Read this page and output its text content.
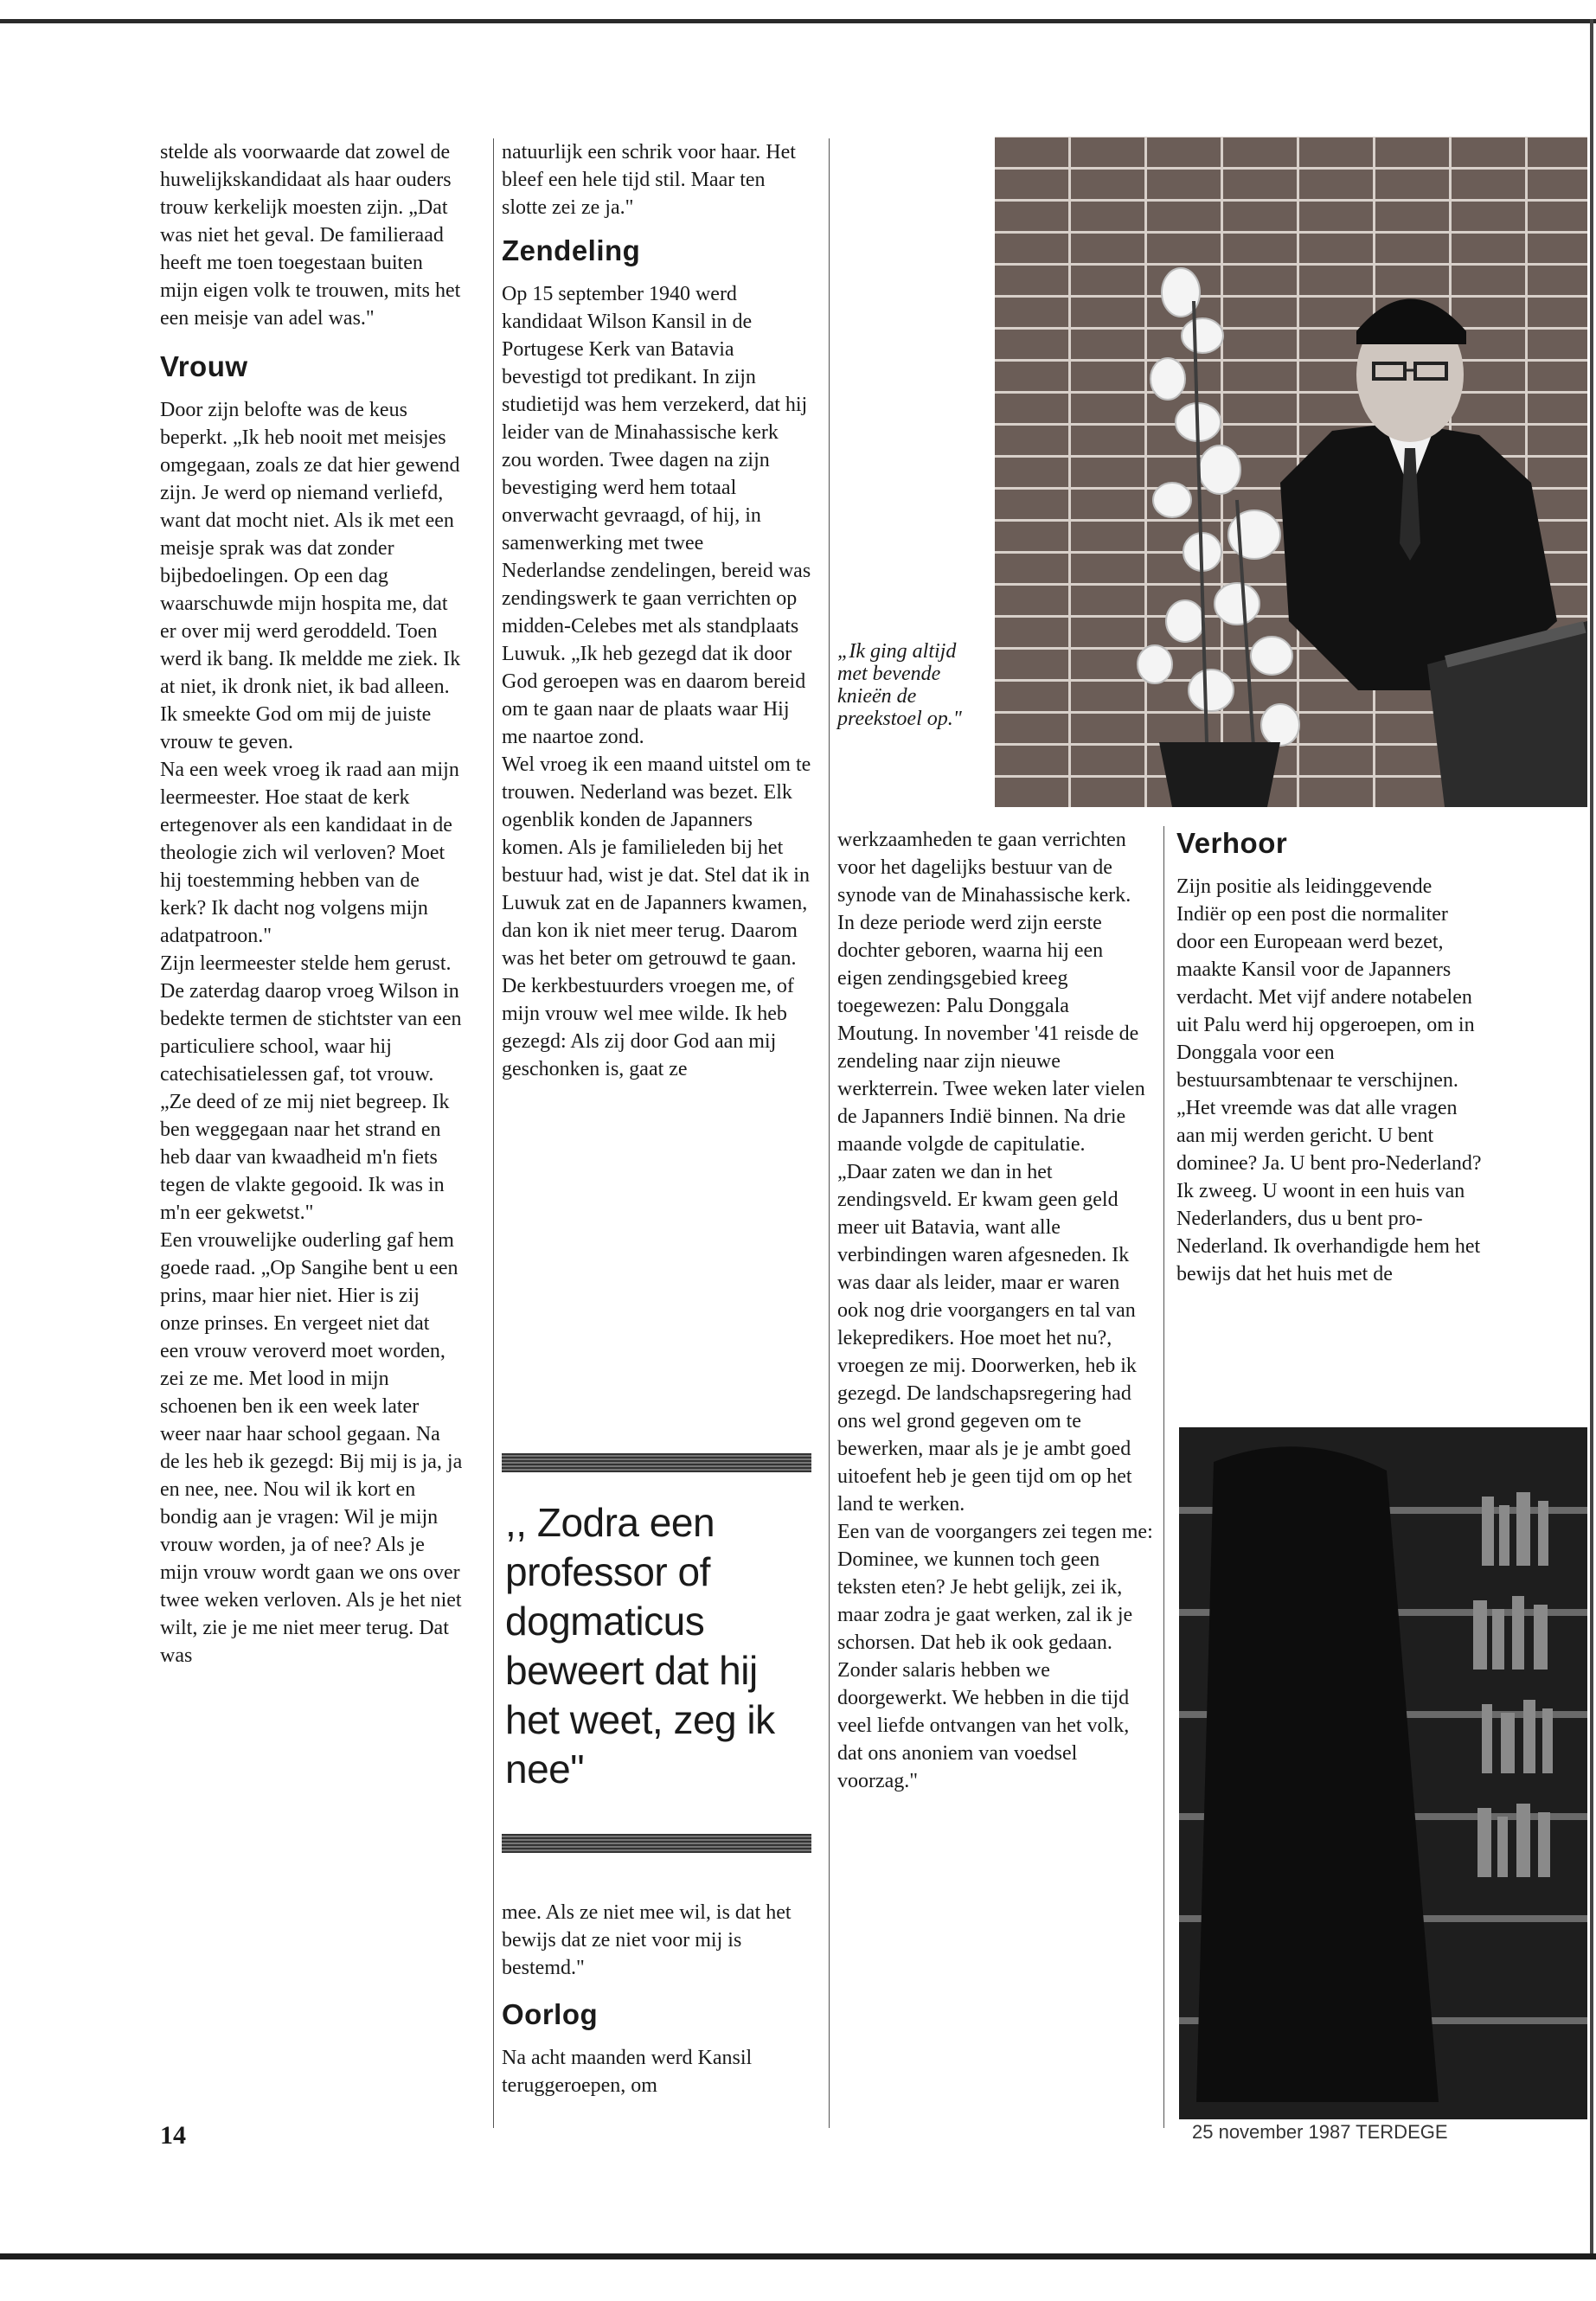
stelde als voorwaarde dat zowel de huwelijkskandidaat als haar ouders trouw kerkelijk moesten zijn. „Dat was niet het geval. De familieraad heeft me toen toegestaan buiten mijn eigen volk te trouwen, mits het een meisje van adel was."

Vrouw

Door zijn belofte was de keus beperkt. „Ik heb nooit met meisjes omgegaan, zoals ze dat hier gewend zijn. Je werd op niemand verliefd, want dat mocht niet. Als ik met een meisje sprak was dat zonder bijbedoelingen. Op een dag waarschuwde mijn hospita me, dat er over mij werd geroddeld. Toen werd ik bang. Ik meldde me ziek. Ik at niet, ik dronk niet, ik bad alleen. Ik smeekte God om mij de juiste vrouw te geven.

Na een week vroeg ik raad aan mijn leermeester. Hoe staat de kerk ertegenover als een kandidaat in de theologie zich wil verloven? Moet hij toestemming hebben van de kerk? Ik dacht nog volgens mijn adatpatroon."

Zijn leermeester stelde hem gerust. De zaterdag daarop vroeg Wilson in bedekte termen de stichtster van een particuliere school, waar hij catechisatielessen gaf, tot vrouw. „Ze deed of ze mij niet begreep. Ik ben weggegaan naar het strand en heb daar van kwaadheid m'n fiets tegen de vlakte gegooid. Ik was in m'n eer gekwetst."

Een vrouwelijke ouderling gaf hem goede raad. „Op Sangihe bent u een prins, maar hier niet. Hier is zij onze prinses. En vergeet niet dat een vrouw veroverd moet worden, zei ze me. Met lood in mijn schoenen ben ik een week later weer naar haar school gegaan. Na de les heb ik gezegd: Bij mij is ja, ja en nee, nee. Nou wil ik kort en bondig aan je vragen: Wil je mijn vrouw worden, ja of nee? Als je mijn vrouw wordt gaan we ons over twee weken verloven. Als je het niet wilt, zie je me niet meer terug. Dat was

natuurlijk een schrik voor haar. Het bleef een hele tijd stil. Maar ten slotte zei ze ja."

Zendeling

Op 15 september 1940 werd kandidaat Wilson Kansil in de Portugese Kerk van Batavia bevestigd tot predikant. In zijn studietijd was hem verzekerd, dat hij leider van de Minahassische kerk zou worden. Twee dagen na zijn bevestiging werd hem totaal onverwacht gevraagd, of hij, in samenwerking met twee Nederlandse zendelingen, bereid was zendingswerk te gaan verrichten op midden-Celebes met als standplaats Luwuk. „Ik heb gezegd dat ik door God geroepen was en daarom bereid om te gaan naar de plaats waar Hij me naartoe zond.

Wel vroeg ik een maand uitstel om te trouwen. Nederland was bezet. Elk ogenblik konden de Japanners komen. Als je familieleden bij het bestuur had, wist je dat. Stel dat ik in Luwuk zat en de Japanners kwamen, dan kon ik niet meer terug. Daarom was het beter om getrouwd te gaan.

De kerkbestuurders vroegen me, of mijn vrouw wel mee wilde. Ik heb gezegd: Als zij door God aan mij geschonken is, gaat ze

,, Zodra een professor of dogmaticus beweert dat hij het weet, zeg ik nee"

mee. Als ze niet mee wil, is dat het bewijs dat ze niet voor mij is bestemd."

Oorlog

Na acht maanden werd Kansil teruggeroepen, om

„Ik ging altijd met bevende knieën de preekstoel op."

werkzaamheden te gaan verrichten voor het dagelijks bestuur van de synode van de Minahassische kerk. In deze periode werd zijn eerste dochter geboren, waarna hij een eigen zendingsgebied kreeg toegewezen: Palu Donggala Moutung. In november '41 reisde de zendeling naar zijn nieuwe werkterrein. Twee weken later vielen de Japanners Indië binnen. Na drie maande volgde de capitulatie.

„Daar zaten we dan in het zendingsveld. Er kwam geen geld meer uit Batavia, want alle verbindingen waren afgesneden. Ik was daar als leider, maar er waren ook nog drie voorgangers en tal van lekepredikers. Hoe moet het nu?, vroegen ze mij. Doorwerken, heb ik gezegd. De landschapsregering had ons wel grond gegeven om te bewerken, maar als je je ambt goed uitoefent heb je geen tijd om op het land te werken.

Een van de voorgangers zei tegen me: Dominee, we kunnen toch geen teksten eten? Je hebt gelijk, zei ik, maar zodra je gaat werken, zal ik je schorsen. Dat heb ik ook gedaan. Zonder salaris hebben we doorgewerkt. We hebben in die tijd veel liefde ontvangen van het volk, dat ons anoniem van voedsel voorzag."

Verhoor

Zijn positie als leidinggevende Indiër op een post die normaliter door een Europeaan werd bezet, maakte Kansil voor de Japanners verdacht. Met vijf andere notabelen uit Palu werd hij opgeroepen, om in Donggala voor een bestuursambtenaar te verschijnen.

„Het vreemde was dat alle vragen aan mij werden gericht. U bent dominee? Ja. U bent pro-Nederland? Ik zweeg. U woont in een huis van Nederlanders, dus u bent pro-Nederland. Ik overhandigde hem het bewijs dat het huis met de

14	25 november 1987 TERDEGE
